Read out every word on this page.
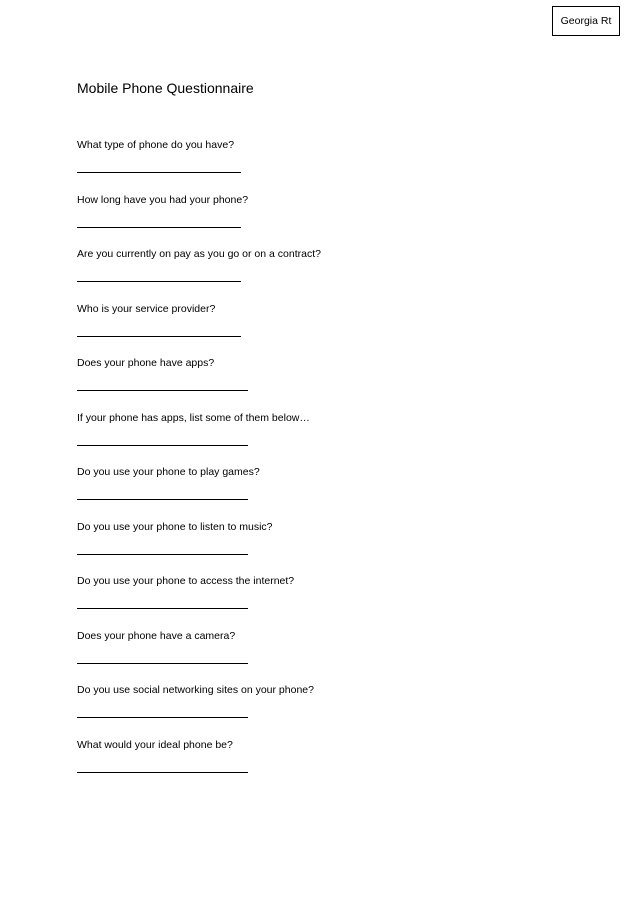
Georgia Rt
Mobile Phone Questionnaire
What type of phone do you have?
How long have you had your phone?
Are you currently on pay as you go or on a contract?
Who is your service provider?
Does your phone have apps?
If your phone has apps, list some of them below…
Do you use your phone to play games?
Do you use your phone to listen to music?
Do you use your phone to access the internet?
Does your phone have a camera?
Do you use social networking sites on your phone?
What would your ideal phone be?
